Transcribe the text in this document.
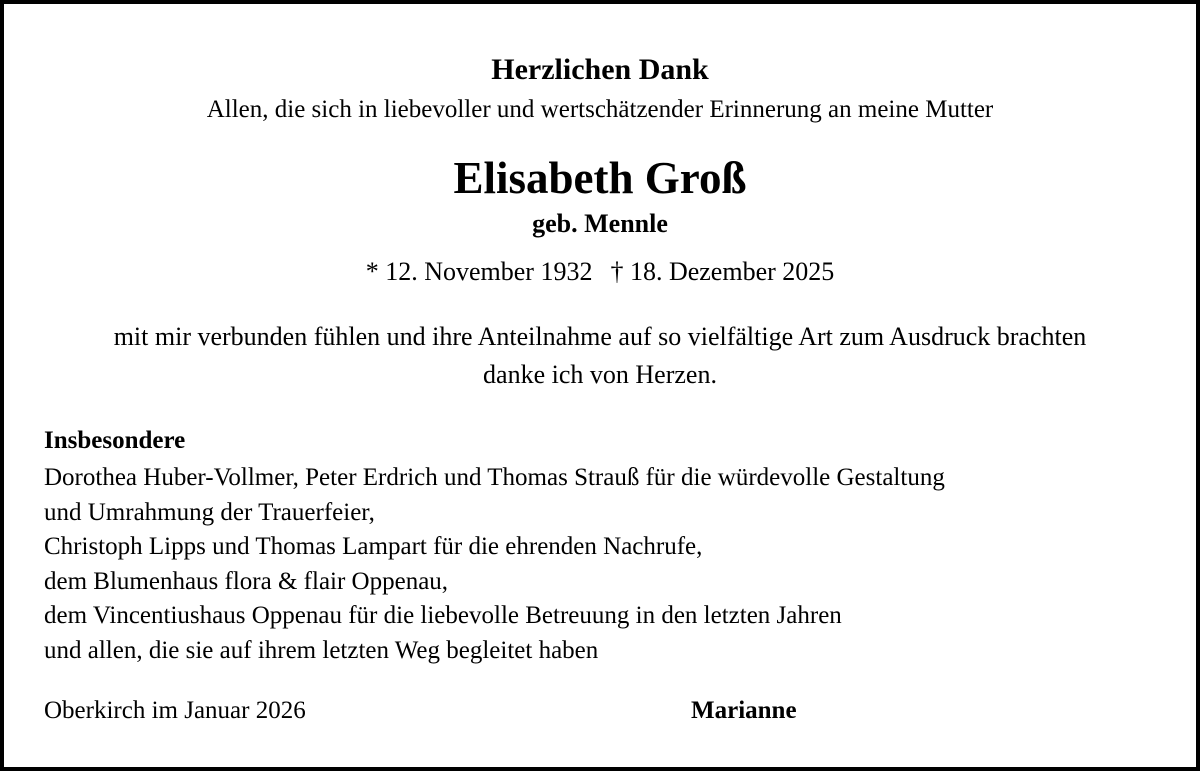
Herzlichen Dank
Allen, die sich in liebevoller und wertschätzender Erinnerung an meine Mutter
Elisabeth Groß
geb. Mennle
* 12. November 1932 † 18. Dezember 2025
mit mir verbunden fühlen und ihre Anteilnahme auf so vielfältige Art zum Ausdruck brachten
danke ich von Herzen.
Insbesondere
Dorothea Huber-Vollmer, Peter Erdrich und Thomas Strauß für die würdevolle Gestaltung
und Umrahmung der Trauerfeier,
Christoph Lipps und Thomas Lampart für die ehrenden Nachrufe,
dem Blumenhaus flora & flair Oppenau,
dem Vincentiushaus Oppenau für die liebevolle Betreuung in den letzten Jahren
und allen, die sie auf ihrem letzten Weg begleitet haben
Oberkirch im Januar 2026	Marianne
